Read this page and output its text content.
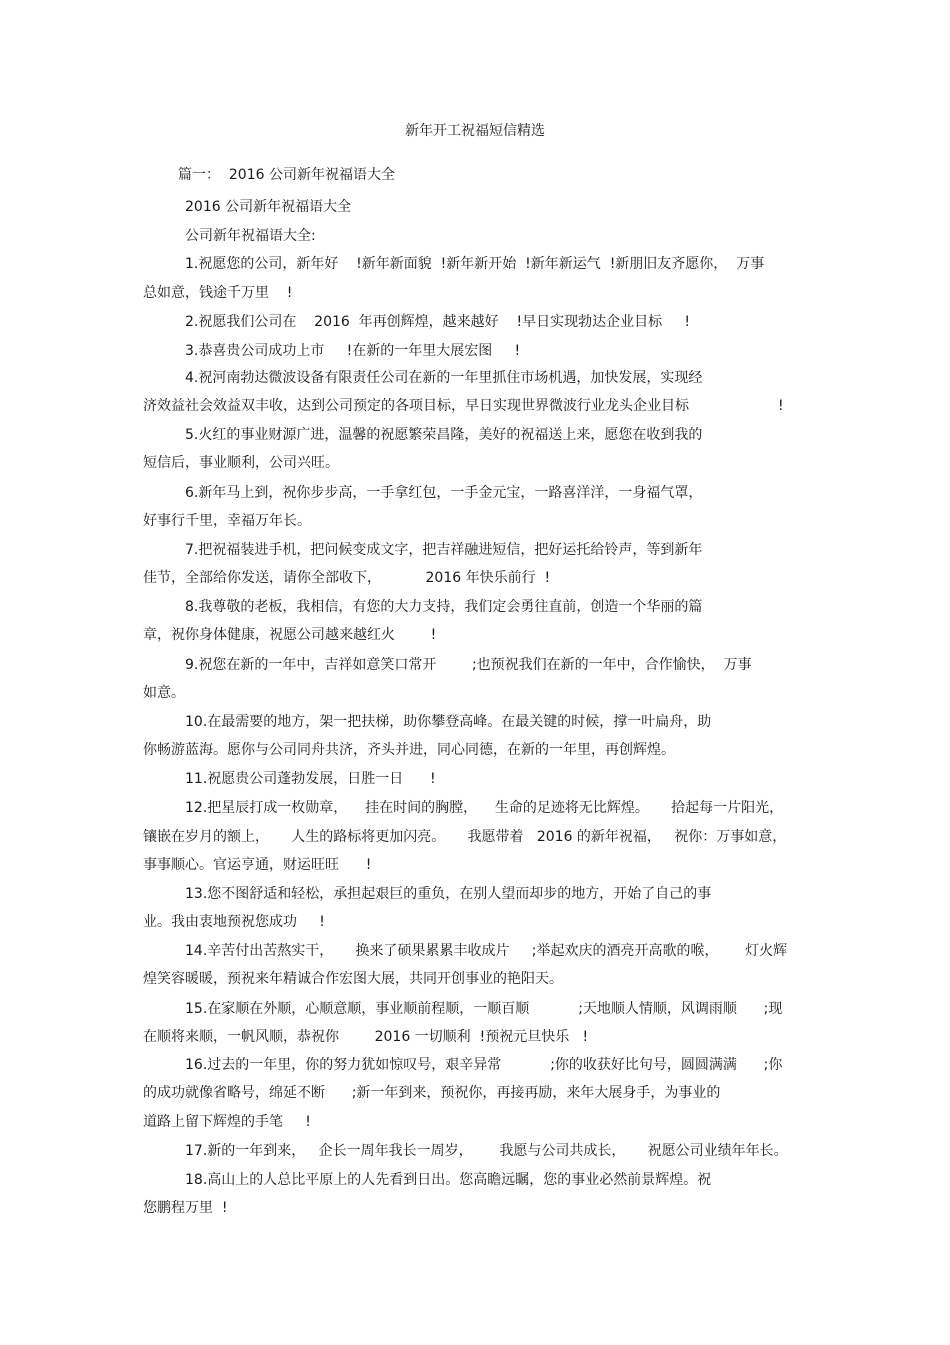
新年开工祝福短信精选
篇一：  2016 公司新年祝福语大全
2016 公司新年祝福语大全
公司新年祝福语大全:
1.祝愿您的公司，新年好    !新年新面貌  !新年新开始  !新年新运气  !新朋旧友齐愿你，  万事
总如意，钱途千万里    !
2.祝愿我们公司在    2016  年再创辉煌，越来越好    !早日实现勃达企业目标     !
3.恭喜贵公司成功上市     !在新的一年里大展宏图     !
4.祝河南勃达微波设备有限责任公司在新的一年里抓住市场机遇，加快发展，实现经
济效益社会效益双丰收，达到公司预定的各项目标，早日实现世界微波行业龙头企业目标                    !
5.火红的事业财源广进，温馨的祝愿繁荣昌隆，美好的祝福送上来，愿您在收到我的
短信后，事业顺利，公司兴旺。
6.新年马上到，祝你步步高，一手拿红包，一手金元宝，一路喜洋洋，一身福气罩，
好事行千里，幸福万年长。
7.把祝福装进手机，把问候变成文字，把吉祥融进短信，把好运托给铃声，等到新年
佳节，全部给你发送，请你全部收下，          2016 年快乐前行  !
8.我尊敬的老板，我相信，有您的大力支持，我们定会勇往直前，创造一个华丽的篇
章，祝你身体健康，祝愿公司越来越红火        !
9.祝您在新的一年中，吉祥如意笑口常开        ;也预祝我们在新的一年中，合作愉快，  万事
如意。
10.在最需要的地方，架一把扶梯，助你攀登高峰。在最关键的时候，撑一叶扁舟，助
你畅游蓝海。愿你与公司同舟共济，齐头并进，同心同德，在新的一年里，再创辉煌。
11.祝愿贵公司蓬勃发展，日胜一日      !
12.把星辰打成一枚勋章，    挂在时间的胸膛，    生命的足迹将无比辉煌。     拾起每一片阳光，
镶嵌在岁月的额上，     人生的路标将更加闪亮。     我愿带着   2016 的新年祝福，   祝你：万事如意，
事事顺心。官运亨通，财运旺旺      !
13.您不图舒适和轻松，承担起艰巨的重负，在别人望而却步的地方，开始了自己的事
业。我由衷地预祝您成功     !
14.辛苦付出苦熬实干，     换来了硕果累累丰收成片     ;举起欢庆的酒亮开高歌的喉，      灯火辉
煌笑容暖暖，预祝来年精诚合作宏图大展，共同开创事业的艳阳天。
15.在家顺在外顺，心顺意顺，事业顺前程顺，一顺百顺           ;天地顺人情顺，风调雨顺      ;现
在顺将来顺，一帆风顺，恭祝你        2016 一切顺利  !预祝元旦快乐   !
16.过去的一年里，你的努力犹如惊叹号，艰辛异常           ;你的收获好比句号，圆圆满满      ;你
的成功就像省略号，绵延不断      ;新一年到来，预祝你，再接再励，来年大展身手，为事业的
道路上留下辉煌的手笔     !
17.新的一年到来，   企长一周年我长一周岁，      我愿与公司共成长，     祝愿公司业绩年年长。
18.高山上的人总比平原上的人先看到日出。您高瞻远瞩，您的事业必然前景辉煌。祝
您鹏程万里  !
